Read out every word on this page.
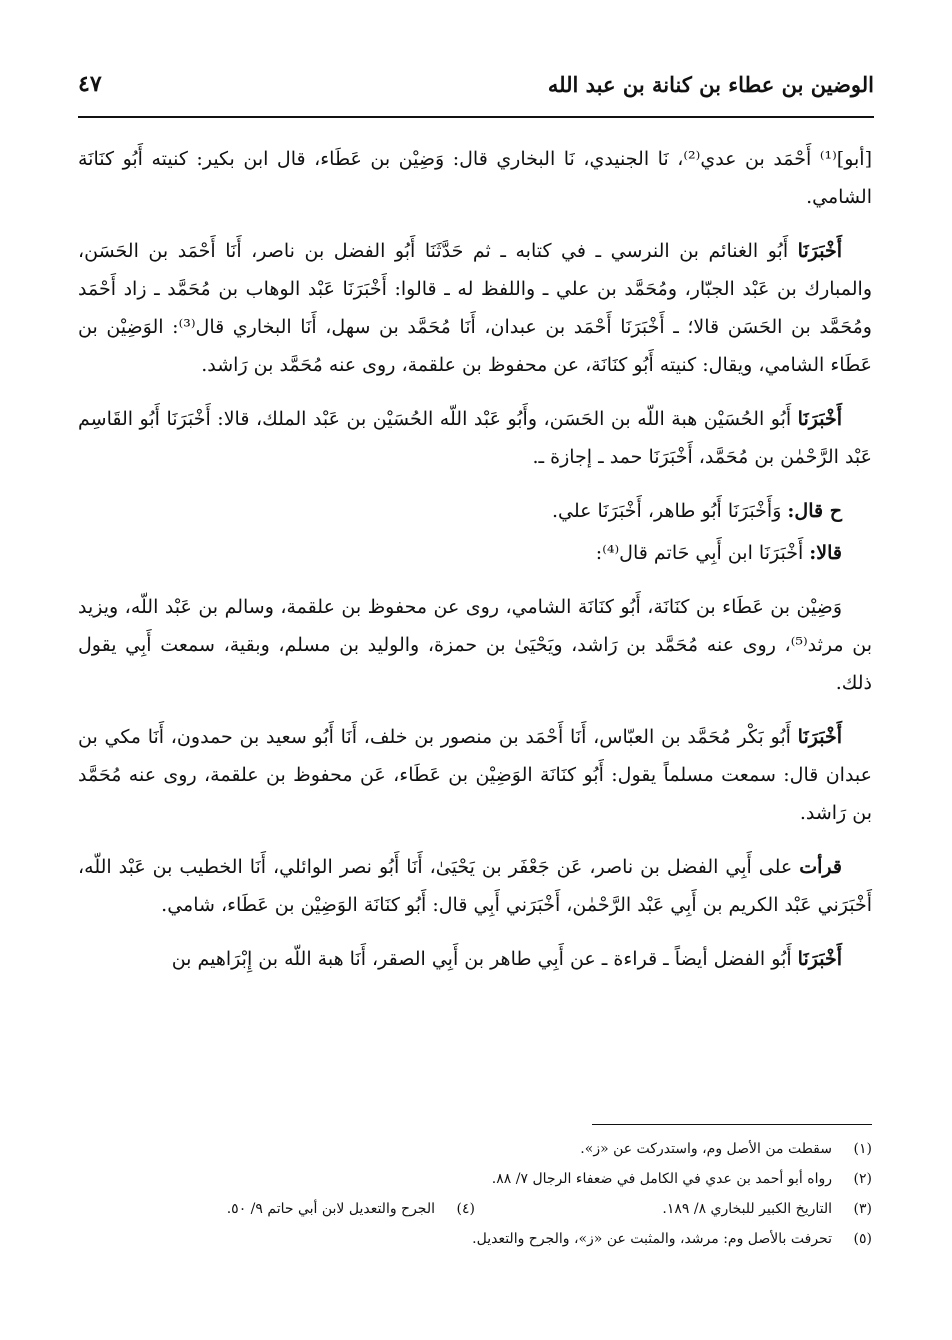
الوضين بن عطاء بن كنانة بن عبد الله
٤٧

[أبو]⁽¹⁾ أَحْمَد بن عدي⁽²⁾، نَا الجنيدي، نَا البخاري قال: وَضِيْن بن عَطَاء، قال ابن بكير: كنيته أَبُو كنَانَة الشامي.

أَخْبَرَنَا أَبُو الغنائم بن النرسي ـ في كتابه ـ ثم حَدَّثَنَا أَبُو الفضل بن ناصر، أَنَا أَحْمَد بن الحَسَن، والمبارك بن عَبْد الجبّار، ومُحَمَّد بن علي ـ واللفظ له ـ قالوا: أَخْبَرَنَا عَبْد الوهاب بن مُحَمَّد ـ زاد أَحْمَد ومُحَمَّد بن الحَسَن قالا؛ ـ أَخْبَرَنَا أَحْمَد بن عبدان، أَنَا مُحَمَّد بن سهل، أَنَا البخاري قال⁽³⁾: الوَضِيْن بن عَطَاء الشامي، ويقال: كنيته أَبُو كنَانَة، عن محفوظ بن علقمة، روى عنه مُحَمَّد بن رَاشد.

أَخْبَرَنَا أَبُو الحُسَيْن هبة اللّه بن الحَسَن، وأَبُو عَبْد اللّه الحُسَيْن بن عَبْد الملك، قالا: أَخْبَرَنَا أَبُو القَاسِم عَبْد الرَّحْمٰن بن مُحَمَّد، أَخْبَرَنَا حمد ـ إجازة ـ.

ح قال: وَأَخْبَرَنَا أَبُو طاهر، أَخْبَرَنَا علي.

قالا: أَخْبَرَنَا ابن أَبِي حَاتم قال⁽⁴⁾:

وَضِيْن بن عَطَاء بن كنَانَة، أَبُو كنَانَة الشامي، روى عن محفوظ بن علقمة، وسالم بن عَبْد اللّه، ويزيد بن مرثد⁽⁵⁾، روى عنه مُحَمَّد بن رَاشد، ويَحْيَىٰ بن حمزة، والوليد بن مسلم، وبقية، سمعت أَبِي يقول ذلك.

أَخْبَرَنَا أَبُو بَكْر مُحَمَّد بن العبّاس، أَنَا أَحْمَد بن منصور بن خلف، أَنَا أَبُو سعيد بن حمدون، أَنَا مكي بن عبدان قال: سمعت مسلماً يقول: أَبُو كنَانَة الوَضِيْن بن عَطَاء، عَن محفوظ بن علقمة، روى عنه مُحَمَّد بن رَاشد.

قرأت على أَبِي الفضل بن ناصر، عَن جَعْفَر بن يَحْيَىٰ، أَنَا أَبُو نصر الوائلي، أَنَا الخطيب بن عَبْد اللّه، أَخْبَرَني عَبْد الكريم بن أَبِي عَبْد الرَّحْمٰن، أَخْبَرَني أَبِي قال: أَبُو كنَانَة الوَضِيْن بن عَطَاء، شامي.

أَخْبَرَنَا أَبُو الفضل أيضاً ـ قراءة ـ عن أَبِي طاهر بن أَبِي الصقر، أَنَا هبة اللّه بن إِبْرَاهيم بن

(١)
سقطت من الأصل وم، واستدركت عن «ز».
(٢)
رواه أبو أحمد بن عدي في الكامل في ضعفاء الرجال ٧/ ٨٨.
(٣)
التاريخ الكبير للبخاري ٨/ ١٨٩.
(٤)
الجرح والتعديل لابن أبي حاتم ٩/ ٥٠.
(٥)
تحرفت بالأصل وم: مرشد، والمثبت عن «ز»، والجرح والتعديل.
